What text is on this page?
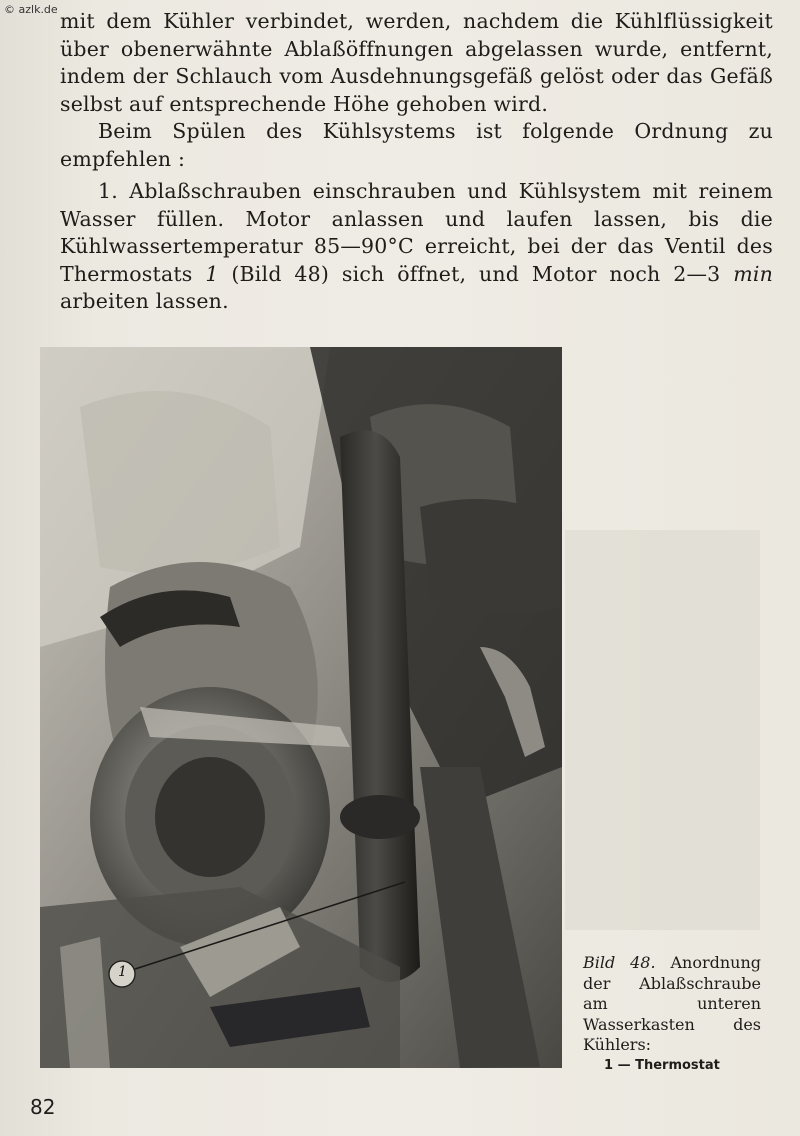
© azlk.de mit dem Kühler verbindet, werden, nachdem die Kühlflüssigkeit über obenerwähnte Ablaßöffnungen abgelassen wurde, entfernt, indem der Schlauch vom Ausdehnungsgefäß gelöst oder das Gefäß selbst auf entsprechende Höhe gehoben wird.

Beim Spülen des Kühlsystems ist folgende Ordnung zu empfehlen :

1. Ablaßschrauben einschrauben und Kühlsystem mit reinem Wasser füllen. Motor anlassen und laufen lassen, bis die Kühlwassertemperatur 85—90°C erreicht, bei der das Ventil des Thermostats 1 (Bild 48) sich öffnet, und Motor noch 2—3 min arbeiten lassen.

1	Bild 48. Anordnung der Ablaßschraube am unteren Wasserkasten des Kühlers:
1 — Thermostat
82
